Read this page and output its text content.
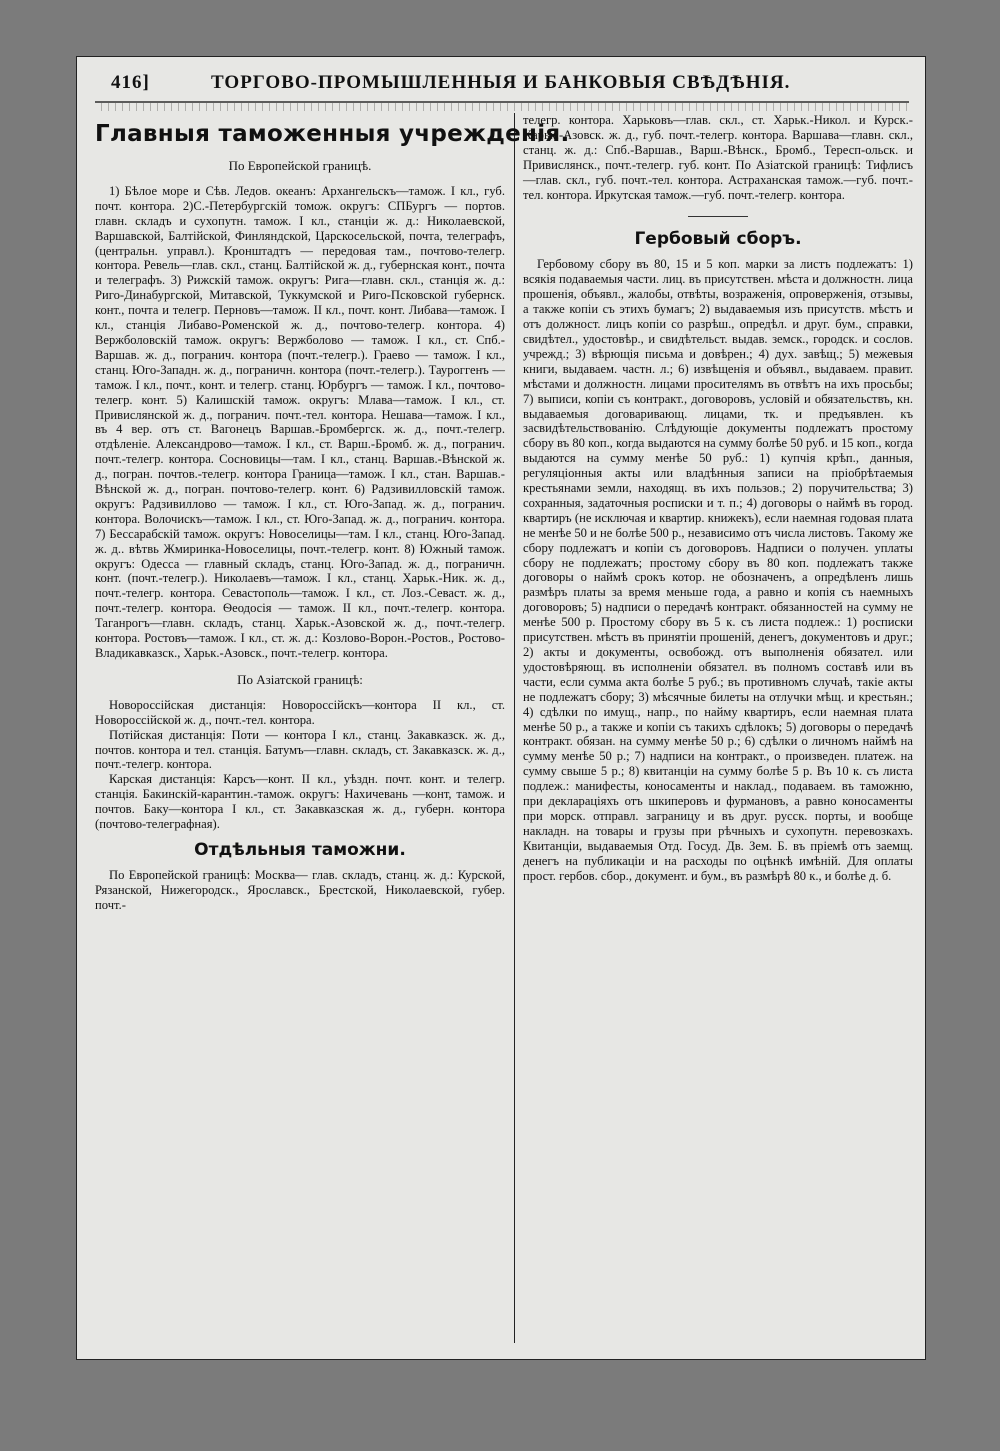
416]	ТОРГОВО-ПРОМЫШЛЕННЫЯ И БАНКОВЫЯ СВѢДѢНІЯ.
Главныя таможенныя учрежденія.
По Европейской границѣ.

1) Бѣлое море и Сѣв. Ледов. океанъ: Архангельскъ—тамож. I кл., губ. почт. контора. 2)С.-Петербургскій томож. округъ: СПБургъ — портов. главн. складъ и сухопутн. тамож. I кл., станціи ж. д.: Николаевской, Варшавской, Балтійской, Финляндской, Царскосельской, почта, телеграфъ, (центральн. управл.). Кронштадтъ — передовая там., почтово-телегр. контора. Ревель—глав. скл., станц. Балтійской ж. д., губернская конт., почта и телеграфъ. 3) Рижскій тамож. округъ: Рига—главн. скл., станція ж. д.: Риго-Динабургской, Митавской, Туккумской и Риго-Псковской губернск. конт., почта и телегр. Перновъ—тамож. II кл., почт. конт. Либава—тамож. I кл., станція Либаво-Роменской ж. д., почтово-телегр. контора. 4) Вержболовскій тамож. округъ: Вержболово — тамож. I кл., ст. Спб.-Варшав. ж. д., погранич. контора (почт.-телегр.). Граево — тамож. I кл., станц. Юго-Западн. ж. д., пограничн. контора (почт.-телегр.). Тауроггенъ — тамож. I кл., почт., конт. и телегр. станц. Юрбургъ — тамож. I кл., почтово-телегр. конт. 5) Калишскій тамож. округъ: Млава—тамож. I кл., ст. Привислянской ж. д., погранич. почт.-тел. контора. Нешава—тамож. I кл., въ 4 вер. отъ ст. Вагонецъ Варшав.-Бромбергск. ж. д., почт.-телегр. отдѣленіе. Александрово—тамож. I кл., ст. Варш.-Бромб. ж. д., погранич. почт.-телегр. контора. Сосновицы—там. I кл., станц. Варшав.-Вѣнской ж. д., погран. почтов.-телегр. контора Граница—тамож. I кл., стан. Варшав.-Вѣнской ж. д., погран. почтово-телегр. конт. 6) Радзивилловскій тамож. округъ: Радзивиллово — тамож. I кл., ст. Юго-Запад. ж. д., погранич. контора. Волочискъ—тамож. I кл., ст. Юго-Запад. ж. д., погранич. контора. 7) Бессарабскій тамож. округъ: Новоселицы—там. I кл., станц. Юго-Запад. ж. д.. вѣтвь Жмиринка-Новоселицы, почт.-телегр. конт. 8) Южный тамож. округъ: Одесса — главный складъ, станц. Юго-Запад. ж. д., пограничн. конт. (почт.-телегр.). Николаевъ—тамож. I кл., станц. Харьк.-Ник. ж. д., почт.-телегр. контора. Севастополь—тамож. I кл., ст. Лоз.-Севаст. ж. д., почт.-телегр. контора. Ѳеодосія — тамож. II кл., почт.-телегр. контора. Таганрогъ—главн. складъ, станц. Харьк.-Азовской ж. д., почт.-телегр. контора. Ростовъ—тамож. I кл., ст. ж. д.: Козлово-Ворон.-Ростов., Ростово-Владикавказск., Харьк.-Азовск., почт.-телегр. контора.

По Азіатской границѣ:

Новороссійская дистанція: Новороссійскъ—контора II кл., ст. Новороссійской ж. д., почт.-тел. контора.

Потійская дистанція: Поти — контора I кл., станц. Закавказск. ж. д., почтов. контора и тел. станція. Батумъ—главн. складъ, ст. Закавказск. ж. д., почт.-телегр. контора.

Карская дистанція: Карсъ—конт. II кл., уѣздн. почт. конт. и телегр. станція. Бакинскій-карантин.-тамож. округъ: Нахичевань —конт, тамож. и почтов. Баку—контора I кл., ст. Закавказская ж. д., губерн. контора (почтово-телеграфная).

Отдѣльныя таможни.

По Европейской границѣ: Москва— глав. складъ, станц. ж. д.: Курской, Рязанской, Нижегородск., Ярославск., Брестской, Николаевской, губер. почт.-

телегр. контора. Харьковъ—глав. скл., ст. Харьк.-Никол. и Курск.-Харьк.-Азовск. ж. д., губ. почт.-телегр. контора. Варшава—главн. скл., станц. ж. д.: Спб.-Варшав., Варш.-Вѣнск., Бромб., Тересп-ольск. и Привислянск., почт.-телегр. губ. конт. По Азіатской границѣ: Тифлисъ—глав. скл., губ. почт.-тел. контора. Астраханская тамож.—губ. почт.-тел. контора. Иркутская тамож.—губ. почт.-телегр. контора.

Гербовый сборъ.

Гербовому сбору въ 80, 15 и 5 коп. марки за листъ подлежатъ: 1) всякія подаваемыя части. лиц. въ присутствен. мѣста и должностн. лица прошенія, объявл., жалобы, отвѣты, возраженія, опроверженія, отзывы, а также копіи съ этихъ бумагъ; 2) выдаваемыя изъ присутств. мѣстъ и отъ должност. лицъ копіи со разрѣш., опредѣл. и друг. бум., справки, свидѣтел., удостовѣр., и свидѣтельст. выдав. земск., городск. и сослов. учрежд.; 3) вѣрющія письма и довѣрен.; 4) дух. завѣщ.; 5) межевыя книги, выдаваем. частн. л.; 6) извѣщенія и объявл., выдаваем. правит. мѣстами и должностн. лицами просителямъ въ отвѣтъ на ихъ просьбы; 7) выписи, копіи съ контракт., договоровъ, условій и обязательствъ, кн. выдаваемыя договаривающ. лицами, тк. и предъявлен. къ засвидѣтельствованію. Слѣдующіе документы подлежатъ простому сбору въ 80 коп., когда выдаются на сумму болѣе 50 руб. и 15 коп., когда выдаются на сумму менѣе 50 руб.: 1) купчія крѣп., данныя, регуляціонныя акты или владѣнныя записи на пріобрѣтаемыя крестьянами земли, находящ. въ ихъ пользов.; 2) поручительства; 3) сохранныя, задаточныя росписки и т. п.; 4) договоры о наймѣ въ город. квартиръ (не исключая и квартир. книжекъ), если наемная годовая плата не менѣе 50 и не болѣе 500 р., независимо отъ числа листовъ. Такому же сбору подлежатъ и копіи съ договоровъ. Надписи о получен. уплаты сбору не подлежатъ; простому сбору въ 80 коп. подлежатъ также договоры о наймѣ срокъ котор. не обозначенъ, а опредѣленъ лишь размѣръ платы за время меньше года, а равно и копія съ наемныхъ договоровъ; 5) надписи о передачѣ контракт. обязанностей на сумму не менѣе 500 р. Простому сбору въ 5 к. съ листа подлеж.: 1) росписки присутствен. мѣстъ въ принятіи прошеній, денегъ, документовъ и друг.; 2) акты и документы, освобожд. отъ выполненія обязател. или удостовѣряющ. въ исполненіи обязател. въ полномъ составѣ или въ части, если сумма акта болѣе 5 руб.; въ противномъ случаѣ, такіе акты не подлежатъ сбору; 3) мѣсячные билеты на отлучки мѣщ. и крестьян.; 4) сдѣлки по имущ., напр., по найму квартиръ, если наемная плата менѣе 50 р., а также и копіи съ такихъ сдѣлокъ; 5) договоры о передачѣ контракт. обязан. на сумму менѣе 50 р.; 6) сдѣлки о личномъ наймѣ на сумму менѣе 50 р.; 7) надписи на контракт., о произведен. платеж. на сумму свыше 5 р.; 8) квитанціи на сумму болѣе 5 р. Въ 10 к. съ листа подлеж.: манифесты, коносаменты и наклад., подаваем. въ таможню, при деклараціяхъ отъ шкиперовъ и фурмановъ, а равно коносаменты при морск. отправл. заграницу и въ друг. русск. порты, и вообще накладн. на товары и грузы при рѣчныхъ и сухопутн. перевозкахъ. Квитанціи, выдаваемыя Отд. Госуд. Дв. Зем. Б. въ пріемѣ отъ заемщ. денегъ на публикаціи и на расходы по оцѣнкѣ имѣній. Для оплаты прост. гербов. сбор., документ. и бум., въ размѣрѣ 80 к., и болѣе д. б.
